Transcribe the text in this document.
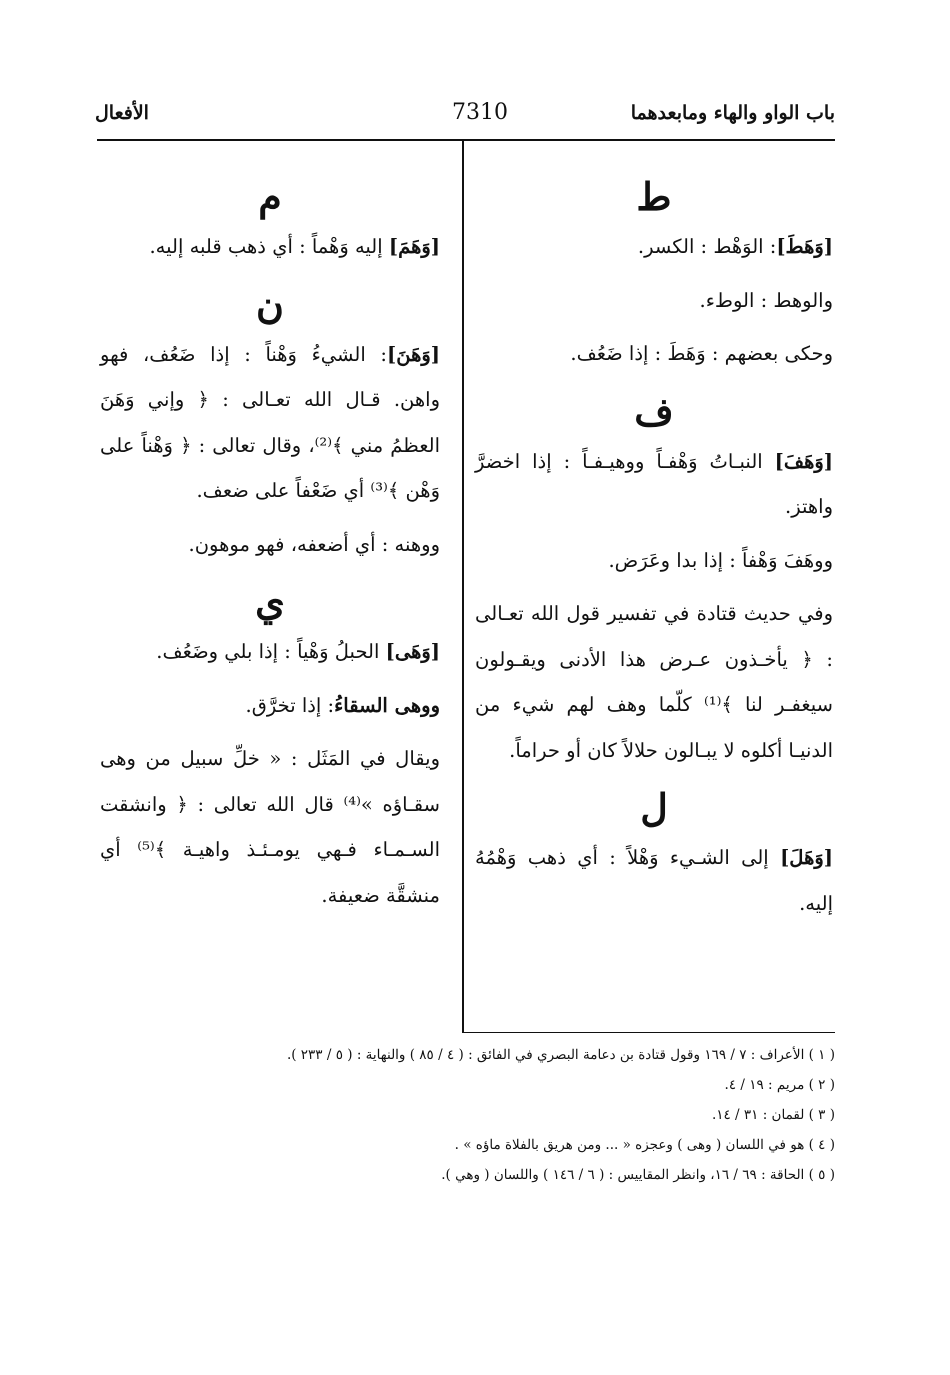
باب الواو والهاء ومابعدهما
7310
الأفعال
ط

[وَهَطَ]: الوَهْط : الكسر.

والوهط : الوطء.

وحكى بعضهم : وَهَطَ : إذا ضَعُف.

ف

[وَهَفَ] النبـاتُ وَهْفـاً ووهيـفـاً : إذا اخضرَّ واهتز.

ووهَفَ وَهْفاً : إذا بدا وعَرَض.

وفي حديث قتادة في تفسير قول الله تعـالى : ﴿ يأخـذون عـرض هذا الأدنى ويقـولون سيغفـر لنا ﴾⁽¹⁾ كلّما وهف لهم شيء من الدنيـا أكلوه لا يبـالون حلالاً كان أو حراماً.

ل

[وَهَلَ] إلى الشـيء وَهْلاً : أي ذهب وَهْمُهُ إليه.

م

[وَهَمَ] إليه وَهْماً : أي ذهب قلبه إليه.

ن

[وَهَنَ]: الشيءُ وَهْناً : إذا ضَعُف، فهو واهن. قـال الله تعـالى : ﴿ وإني وَهَنَ العظمُ مني ﴾⁽²⁾، وقال تعالى : ﴿ وَهْناً على وَهْن ﴾⁽³⁾ أي ضَعْفاً على ضعف.

ووهنه : أي أضعفه، فهو موهون.

ي

[وَهَى] الحبلُ وَهْياً : إذا بلي وضَعُف.

ووهى السقاءُ: إذا تخرَّق.

ويقال في المَثَل : « خلِّ سبيل من وهى سقـاؤه »⁽⁴⁾ قال الله تعالى : ﴿ وانشقت السـمـاء فـهي يومـئـذ واهيـة ﴾⁽⁵⁾ أي منشقَّة ضعيفة.

( ١ ) الأعراف : ٧ / ١٦٩ وقول قتادة بن دعامة البصري في الفائق : ( ٤ / ٨٥ ) والنهاية : ( ٥ / ٢٣٣ ).

( ٢ ) مريم : ١٩ / ٤.

( ٣ ) لقمان : ٣١ / ١٤.

( ٤ ) هو في اللسان ( وهى ) وعجزه « ... ومن هريق بالفلاة ماؤه » .

( ٥ ) الحاقة : ٦٩ / ١٦، وانظر المقاييس : ( ٦ / ١٤٦ ) واللسان ( وهي ).
